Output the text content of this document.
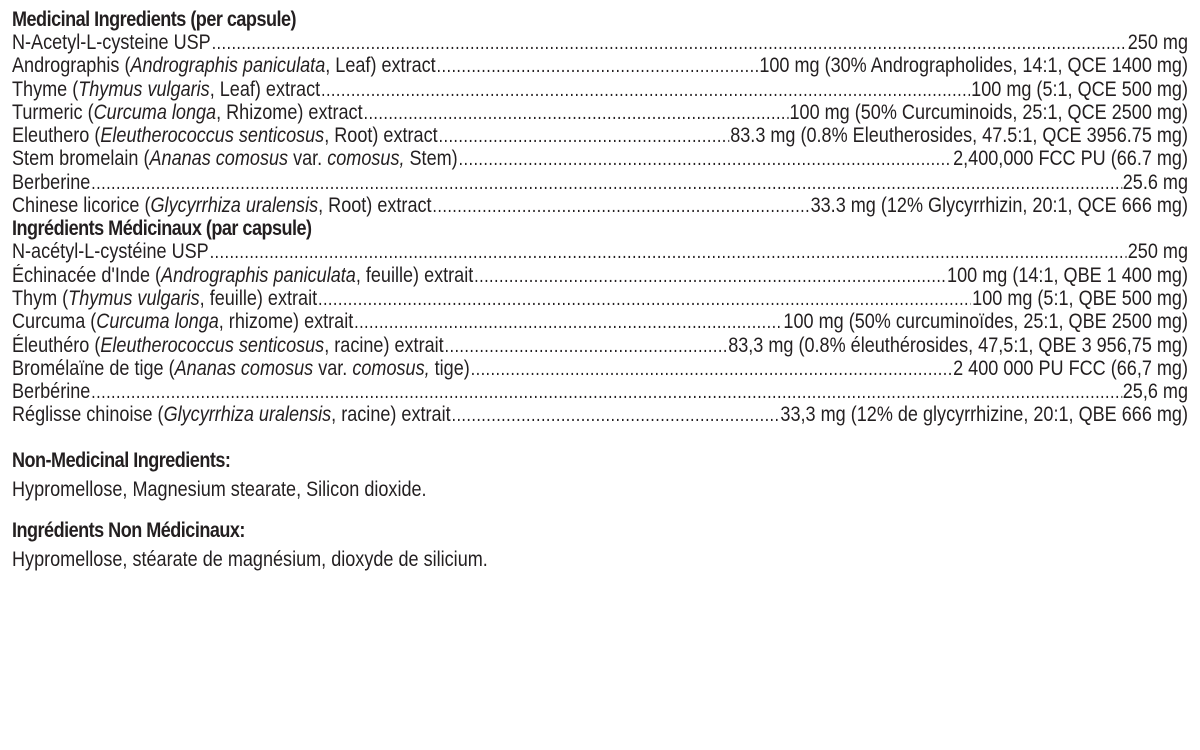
Medicinal Ingredients (per capsule)
N-Acetyl-L-cysteine USP .....	250 mg
Andrographis (Andrographis paniculata, Leaf) extract .....	100 mg (30% Andrographolides, 14:1, QCE 1400 mg)
Thyme (Thymus vulgaris, Leaf) extract .....	100 mg (5:1, QCE 500 mg)
Turmeric (Curcuma longa, Rhizome) extract .....	100 mg (50% Curcuminoids, 25:1, QCE 2500 mg)
Eleuthero (Eleutherococcus senticosus, Root) extract .....	83.3 mg (0.8% Eleutherosides, 47.5:1, QCE 3956.75 mg)
Stem bromelain (Ananas comosus var. comosus, Stem) .....	2,400,000 FCC PU (66.7 mg)
Berberine .....	25.6 mg
Chinese licorice (Glycyrrhiza uralensis, Root) extract .....	33.3 mg (12% Glycyrrhizin, 20:1, QCE 666 mg)
Ingrédients Médicinaux (par capsule)
N-acétyl-L-cystéine USP .....	250 mg
Échinacée d'Inde (Andrographis paniculata, feuille) extrait .....	100 mg (14:1, QBE 1 400 mg)
Thym (Thymus vulgaris, feuille) extrait .....	100 mg (5:1, QBE 500 mg)
Curcuma (Curcuma longa, rhizome) extrait .....	100 mg (50% curcuminoïdes, 25:1, QBE 2500 mg)
Éleuthéro (Eleutherococcus senticosus, racine) extrait .....	83,3 mg (0.8% éleuthérosides, 47,5:1, QBE 3 956,75 mg)
Bromélaïne de tige (Ananas comosus var. comosus, tige) .....	2 400 000 PU FCC (66,7 mg)
Berbérine .....	25,6 mg
Réglisse chinoise (Glycyrrhiza uralensis, racine) extrait .....	33,3 mg (12% de glycyrrhizine, 20:1, QBE 666 mg)
Non-Medicinal Ingredients:
Hypromellose, Magnesium stearate, Silicon dioxide.
Ingrédients Non Médicinaux:
Hypromellose, stéarate de magnésium, dioxyde de silicium.
